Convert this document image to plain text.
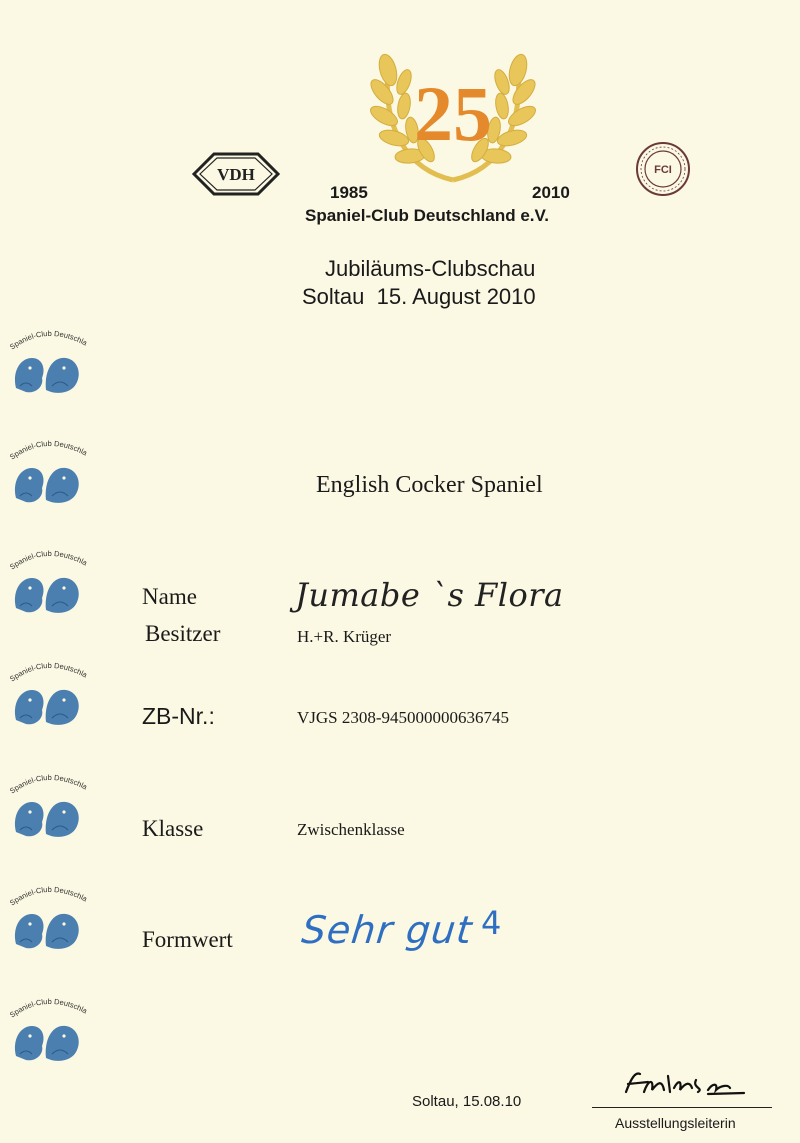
25
VDH	FCI
1985	2010
Spaniel-Club Deutschland e.V.
Jubiläums-Clubschau
Soltau  15. August 2010
Spaniel-Club Deutschla
Spaniel-Club Deutschla
Spaniel-Club Deutschla
Spaniel-Club Deutschla
Spaniel-Club Deutschla
Spaniel-Club Deutschla
Spaniel-Club Deutschla
English Cocker Spaniel
Name	Jumabe `s Flora
Besitzer	H.+R. Krüger
ZB-Nr.:	VJGS 2308-945000000636745
Klasse	Zwischenklasse
Formwert Sehr gut 4
Soltau, 15.08.10
Ausstellungsleiterin
